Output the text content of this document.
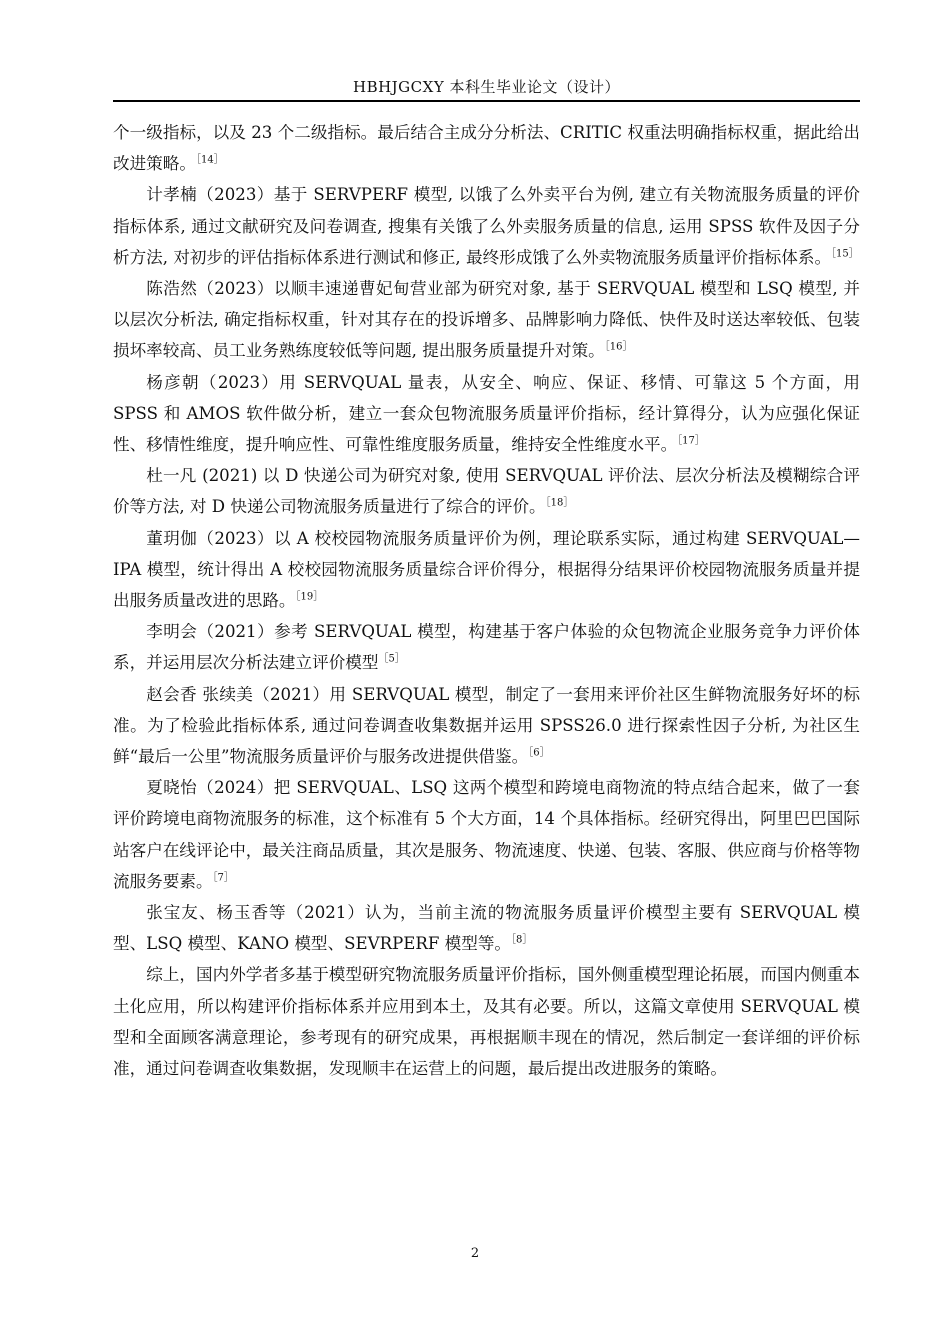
HBHJGCXY 本科生毕业论文（设计）

个一级指标，以及 23 个二级指标。最后结合主成分分析法、CRITIC 权重法明确指标权重，据此给出改进策略。$^{[14]}$

计孝楠（2023）基于 SERVPERF 模型, 以饿了么外卖平台为例, 建立有关物流服务质量的评价指标体系, 通过文献研究及问卷调查, 搜集有关饿了么外卖服务质量的信息, 运用 SPSS 软件及因子分析方法, 对初步的评估指标体系进行测试和修正, 最终形成饿了么外卖物流服务质量评价指标体系。$^{[15]}$

陈浩然（2023）以顺丰速递曹妃甸营业部为研究对象, 基于 SERVQUAL 模型和 LSQ 模型, 并以层次分析法, 确定指标权重，针对其存在的投诉增多、品牌影响力降低、快件及时送达率较低、包装损坏率较高、员工业务熟练度较低等问题, 提出服务质量提升对策。$^{[16]}$

杨彦朝（2023）用 SERVQUAL 量表，从安全、响应、保证、移情、可靠这 5 个方面，用 SPSS 和 AMOS 软件做分析，建立一套众包物流服务质量评价指标，经计算得分，认为应强化保证性、移情性维度，提升响应性、可靠性维度服务质量，维持安全性维度水平。$^{[17]}$

杜一凡 (2021) 以 D 快递公司为研究对象, 使用 SERVQUAL 评价法、层次分析法及模糊综合评价等方法, 对 D 快递公司物流服务质量进行了综合的评价。$^{[18]}$

董玥伽（2023）以 A 校校园物流服务质量评价为例，理论联系实际，通过构建 SERVQUAL—IPA 模型，统计得出 A 校校园物流服务质量综合评价得分，根据得分结果评价校园物流服务质量并提出服务质量改进的思路。$^{[19]}$

李明会（2021）参考 SERVQUAL 模型，构建基于客户体验的众包物流企业服务竞争力评价体系，并运用层次分析法建立评价模型$^{[5]}$

赵会香 张续美（2021）用 SERVQUAL 模型，制定了一套用来评价社区生鲜物流服务好坏的标准。为了检验此指标体系, 通过问卷调查收集数据并运用 SPSS26.0 进行探索性因子分析, 为社区生鲜“最后一公里”物流服务质量评价与服务改进提供借鉴。$^{[6]}$

夏晓怡（2024）把 SERVQUAL、LSQ 这两个模型和跨境电商物流的特点结合起来，做了一套评价跨境电商物流服务的标准，这个标准有 5 个大方面，14 个具体指标。经研究得出，阿里巴巴国际站客户在线评论中，最关注商品质量，其次是服务、物流速度、快递、包装、客服、供应商与价格等物流服务要素。$^{[7]}$

张宝友、杨玉香等（2021）认为，当前主流的物流服务质量评价模型主要有 SERVQUAL 模型、LSQ 模型、KANO 模型、SEVRPERF 模型等。$^{[8]}$

综上，国内外学者多基于模型研究物流服务质量评价指标，国外侧重模型理论拓展，而国内侧重本土化应用，所以构建评价指标体系并应用到本土，及其有必要。所以，这篇文章使用 SERVQUAL 模型和全面顾客满意理论，参考现有的研究成果，再根据顺丰现在的情况，然后制定一套详细的评价标准，通过问卷调查收集数据，发现顺丰在运营上的问题，最后提出改进服务的策略。

2
